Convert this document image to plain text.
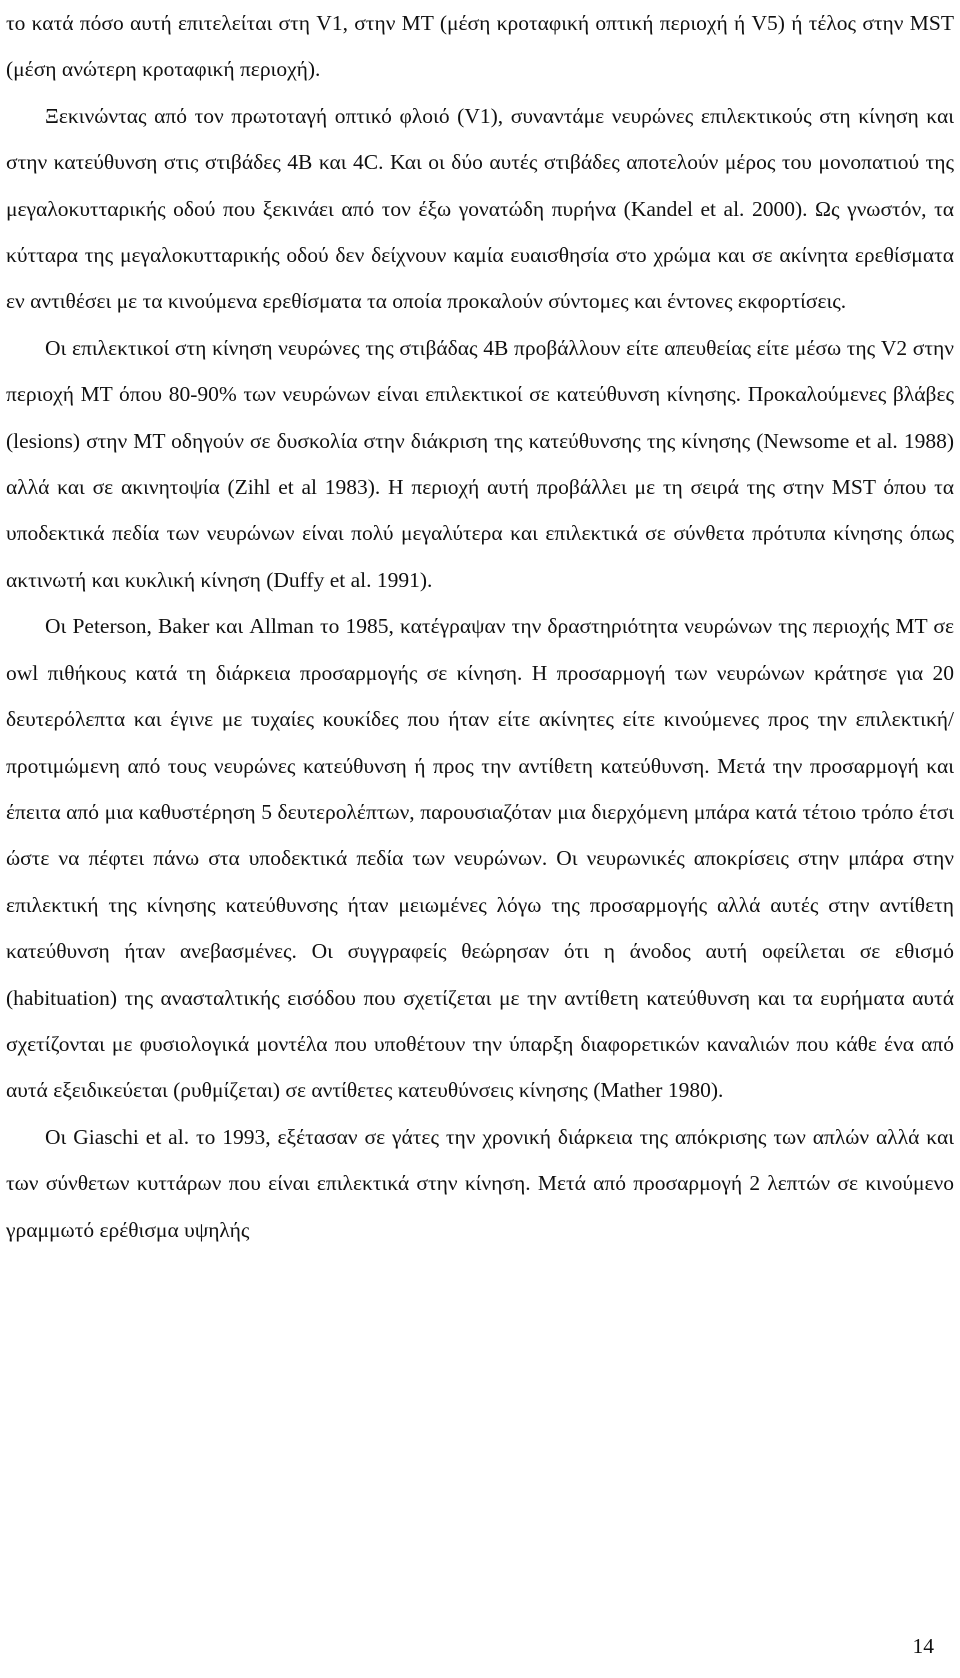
το κατά πόσο αυτή επιτελείται στη V1, στην MT (μέση κροταφική οπτική περιοχή ή V5) ή τέλος στην MST (μέση ανώτερη κροταφική περιοχή).

Ξεκινώντας από τον πρωτοταγή οπτικό φλοιό (V1), συναντάμε νευρώνες επιλεκτικούς στη κίνηση και στην κατεύθυνση στις στιβάδες 4B και 4C. Και οι δύο αυτές στιβάδες αποτελούν μέρος του μονοπατιού της μεγαλοκυτταρικής οδού που ξεκινάει από τον έξω γονατώδη πυρήνα (Kandel et al. 2000). Ως γνωστόν, τα κύτταρα της μεγαλοκυτταρικής οδού δεν δείχνουν καμία ευαισθησία στο χρώμα και σε ακίνητα ερεθίσματα εν αντιθέσει με τα κινούμενα ερεθίσματα τα οποία προκαλούν σύντομες και έντονες εκφορτίσεις.

Οι επιλεκτικοί στη κίνηση νευρώνες της στιβάδας 4B προβάλλουν είτε απευθείας είτε μέσω της V2 στην περιοχή MT όπου 80-90% των νευρώνων είναι επιλεκτικοί σε κατεύθυνση κίνησης. Προκαλούμενες βλάβες (lesions) στην MT οδηγούν σε δυσκολία στην διάκριση της κατεύθυνσης της κίνησης (Newsome et al. 1988) αλλά και σε ακινητοψία (Zihl et al 1983). Η περιοχή αυτή προβάλλει με τη σειρά της στην MST όπου τα υποδεκτικά πεδία των νευρώνων είναι πολύ μεγαλύτερα και επιλεκτικά σε σύνθετα πρότυπα κίνησης όπως ακτινωτή και κυκλική κίνηση (Duffy et al. 1991).

Οι Peterson, Baker και Allman το 1985, κατέγραψαν την δραστηριότητα νευρώνων της περιοχής MT σε owl πιθήκους κατά τη διάρκεια προσαρμογής σε κίνηση. Η προσαρμογή των νευρώνων κράτησε για 20 δευτερόλεπτα και έγινε με τυχαίες κουκίδες που ήταν είτε ακίνητες είτε κινούμενες προς την επιλεκτική/προτιμώμενη από τους νευρώνες κατεύθυνση ή προς την αντίθετη κατεύθυνση. Μετά την προσαρμογή και έπειτα από μια καθυστέρηση 5 δευτερολέπτων, παρουσιαζόταν μια διερχόμενη μπάρα κατά τέτοιο τρόπο έτσι ώστε να πέφτει πάνω στα υποδεκτικά πεδία των νευρώνων. Οι νευρωνικές αποκρίσεις στην μπάρα στην επιλεκτική της κίνησης κατεύθυνσης ήταν μειωμένες λόγω της προσαρμογής αλλά αυτές στην αντίθετη κατεύθυνση ήταν ανεβασμένες. Οι συγγραφείς θεώρησαν ότι η άνοδος αυτή οφείλεται σε εθισμό (habituation) της ανασταλτικής εισόδου που σχετίζεται με την αντίθετη κατεύθυνση και τα ευρήματα αυτά σχετίζονται με φυσιολογικά μοντέλα που υποθέτουν την ύπαρξη διαφορετικών καναλιών που κάθε ένα από αυτά εξειδικεύεται (ρυθμίζεται) σε αντίθετες κατευθύνσεις κίνησης (Mather 1980).

Οι Giaschi et al. το 1993, εξέτασαν σε γάτες την χρονική διάρκεια της απόκρισης των απλών αλλά και των σύνθετων κυττάρων που είναι επιλεκτικά στην κίνηση. Μετά από προσαρμογή 2 λεπτών σε κινούμενο γραμμωτό ερέθισμα υψηλής

14
